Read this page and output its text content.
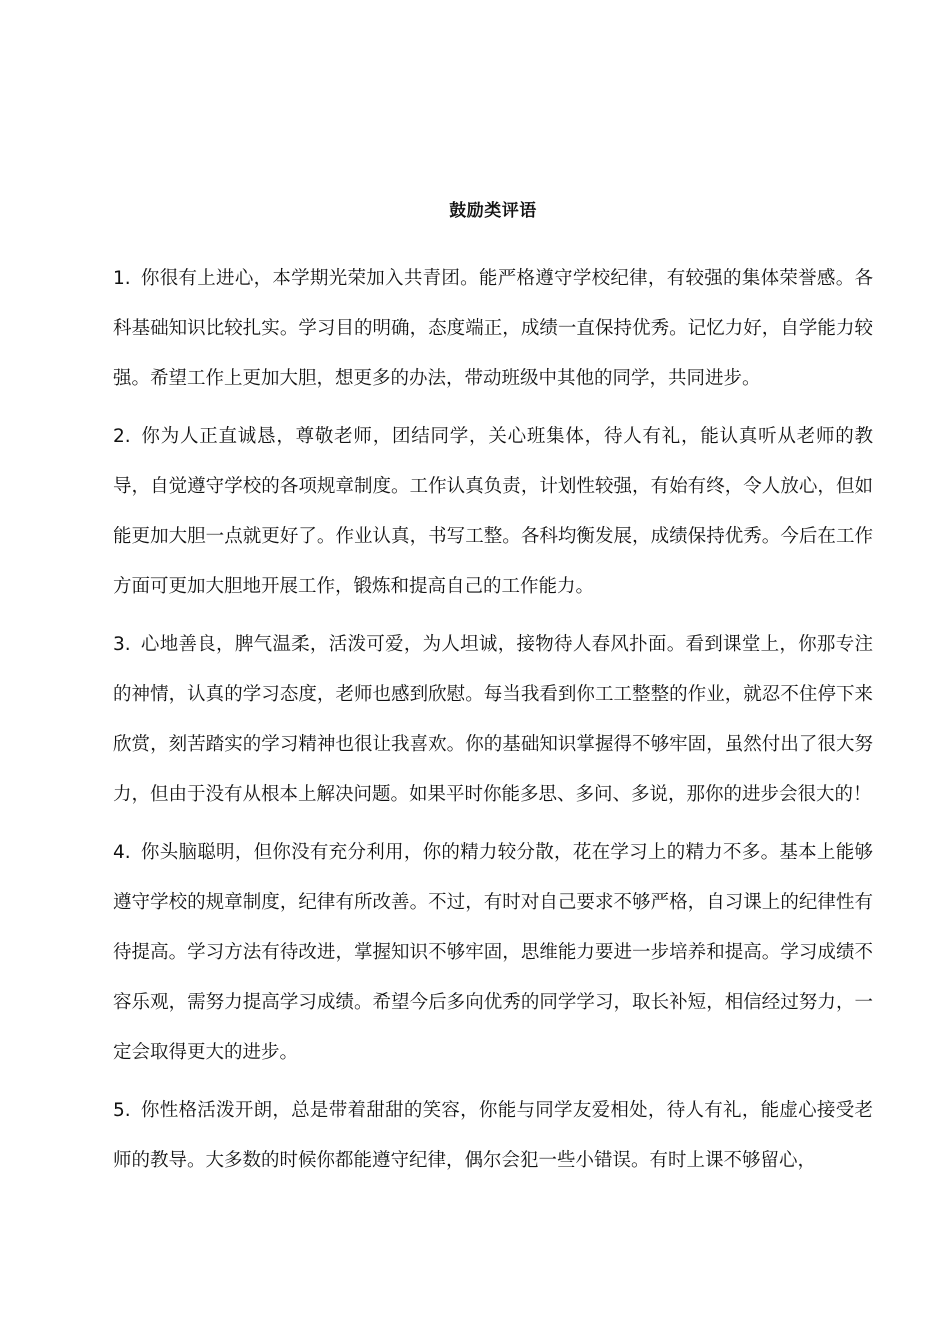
鼓励类评语

1. 你很有上进心，本学期光荣加入共青团。能严格遵守学校纪律，有较强的集体荣誉感。各科基础知识比较扎实。学习目的明确，态度端正，成绩一直保持优秀。记忆力好，自学能力较强。希望工作上更加大胆，想更多的办法，带动班级中其他的同学，共同进步。

2. 你为人正直诚恳，尊敬老师，团结同学，关心班集体，待人有礼，能认真听从老师的教导，自觉遵守学校的各项规章制度。工作认真负责，计划性较强，有始有终，令人放心，但如能更加大胆一点就更好了。作业认真，书写工整。各科均衡发展，成绩保持优秀。今后在工作方面可更加大胆地开展工作，锻炼和提高自己的工作能力。

3. 心地善良，脾气温柔，活泼可爱，为人坦诚，接物待人春风扑面。看到课堂上，你那专注的神情，认真的学习态度，老师也感到欣慰。每当我看到你工工整整的作业，就忍不住停下来欣赏，刻苦踏实的学习精神也很让我喜欢。你的基础知识掌握得不够牢固，虽然付出了很大努力，但由于没有从根本上解决问题。如果平时你能多思、多问、多说，那你的进步会很大的！

4. 你头脑聪明，但你没有充分利用，你的精力较分散，花在学习上的精力不多。基本上能够遵守学校的规章制度，纪律有所改善。不过，有时对自己要求不够严格，自习课上的纪律性有待提高。学习方法有待改进，掌握知识不够牢固，思维能力要进一步培养和提高。学习成绩不容乐观，需努力提高学习成绩。希望今后多向优秀的同学学习，取长补短，相信经过努力，一定会取得更大的进步。

5. 你性格活泼开朗，总是带着甜甜的笑容，你能与同学友爱相处，待人有礼，能虚心接受老师的教导。大多数的时候你都能遵守纪律，偶尔会犯一些小错误。有时上课不够留心，
